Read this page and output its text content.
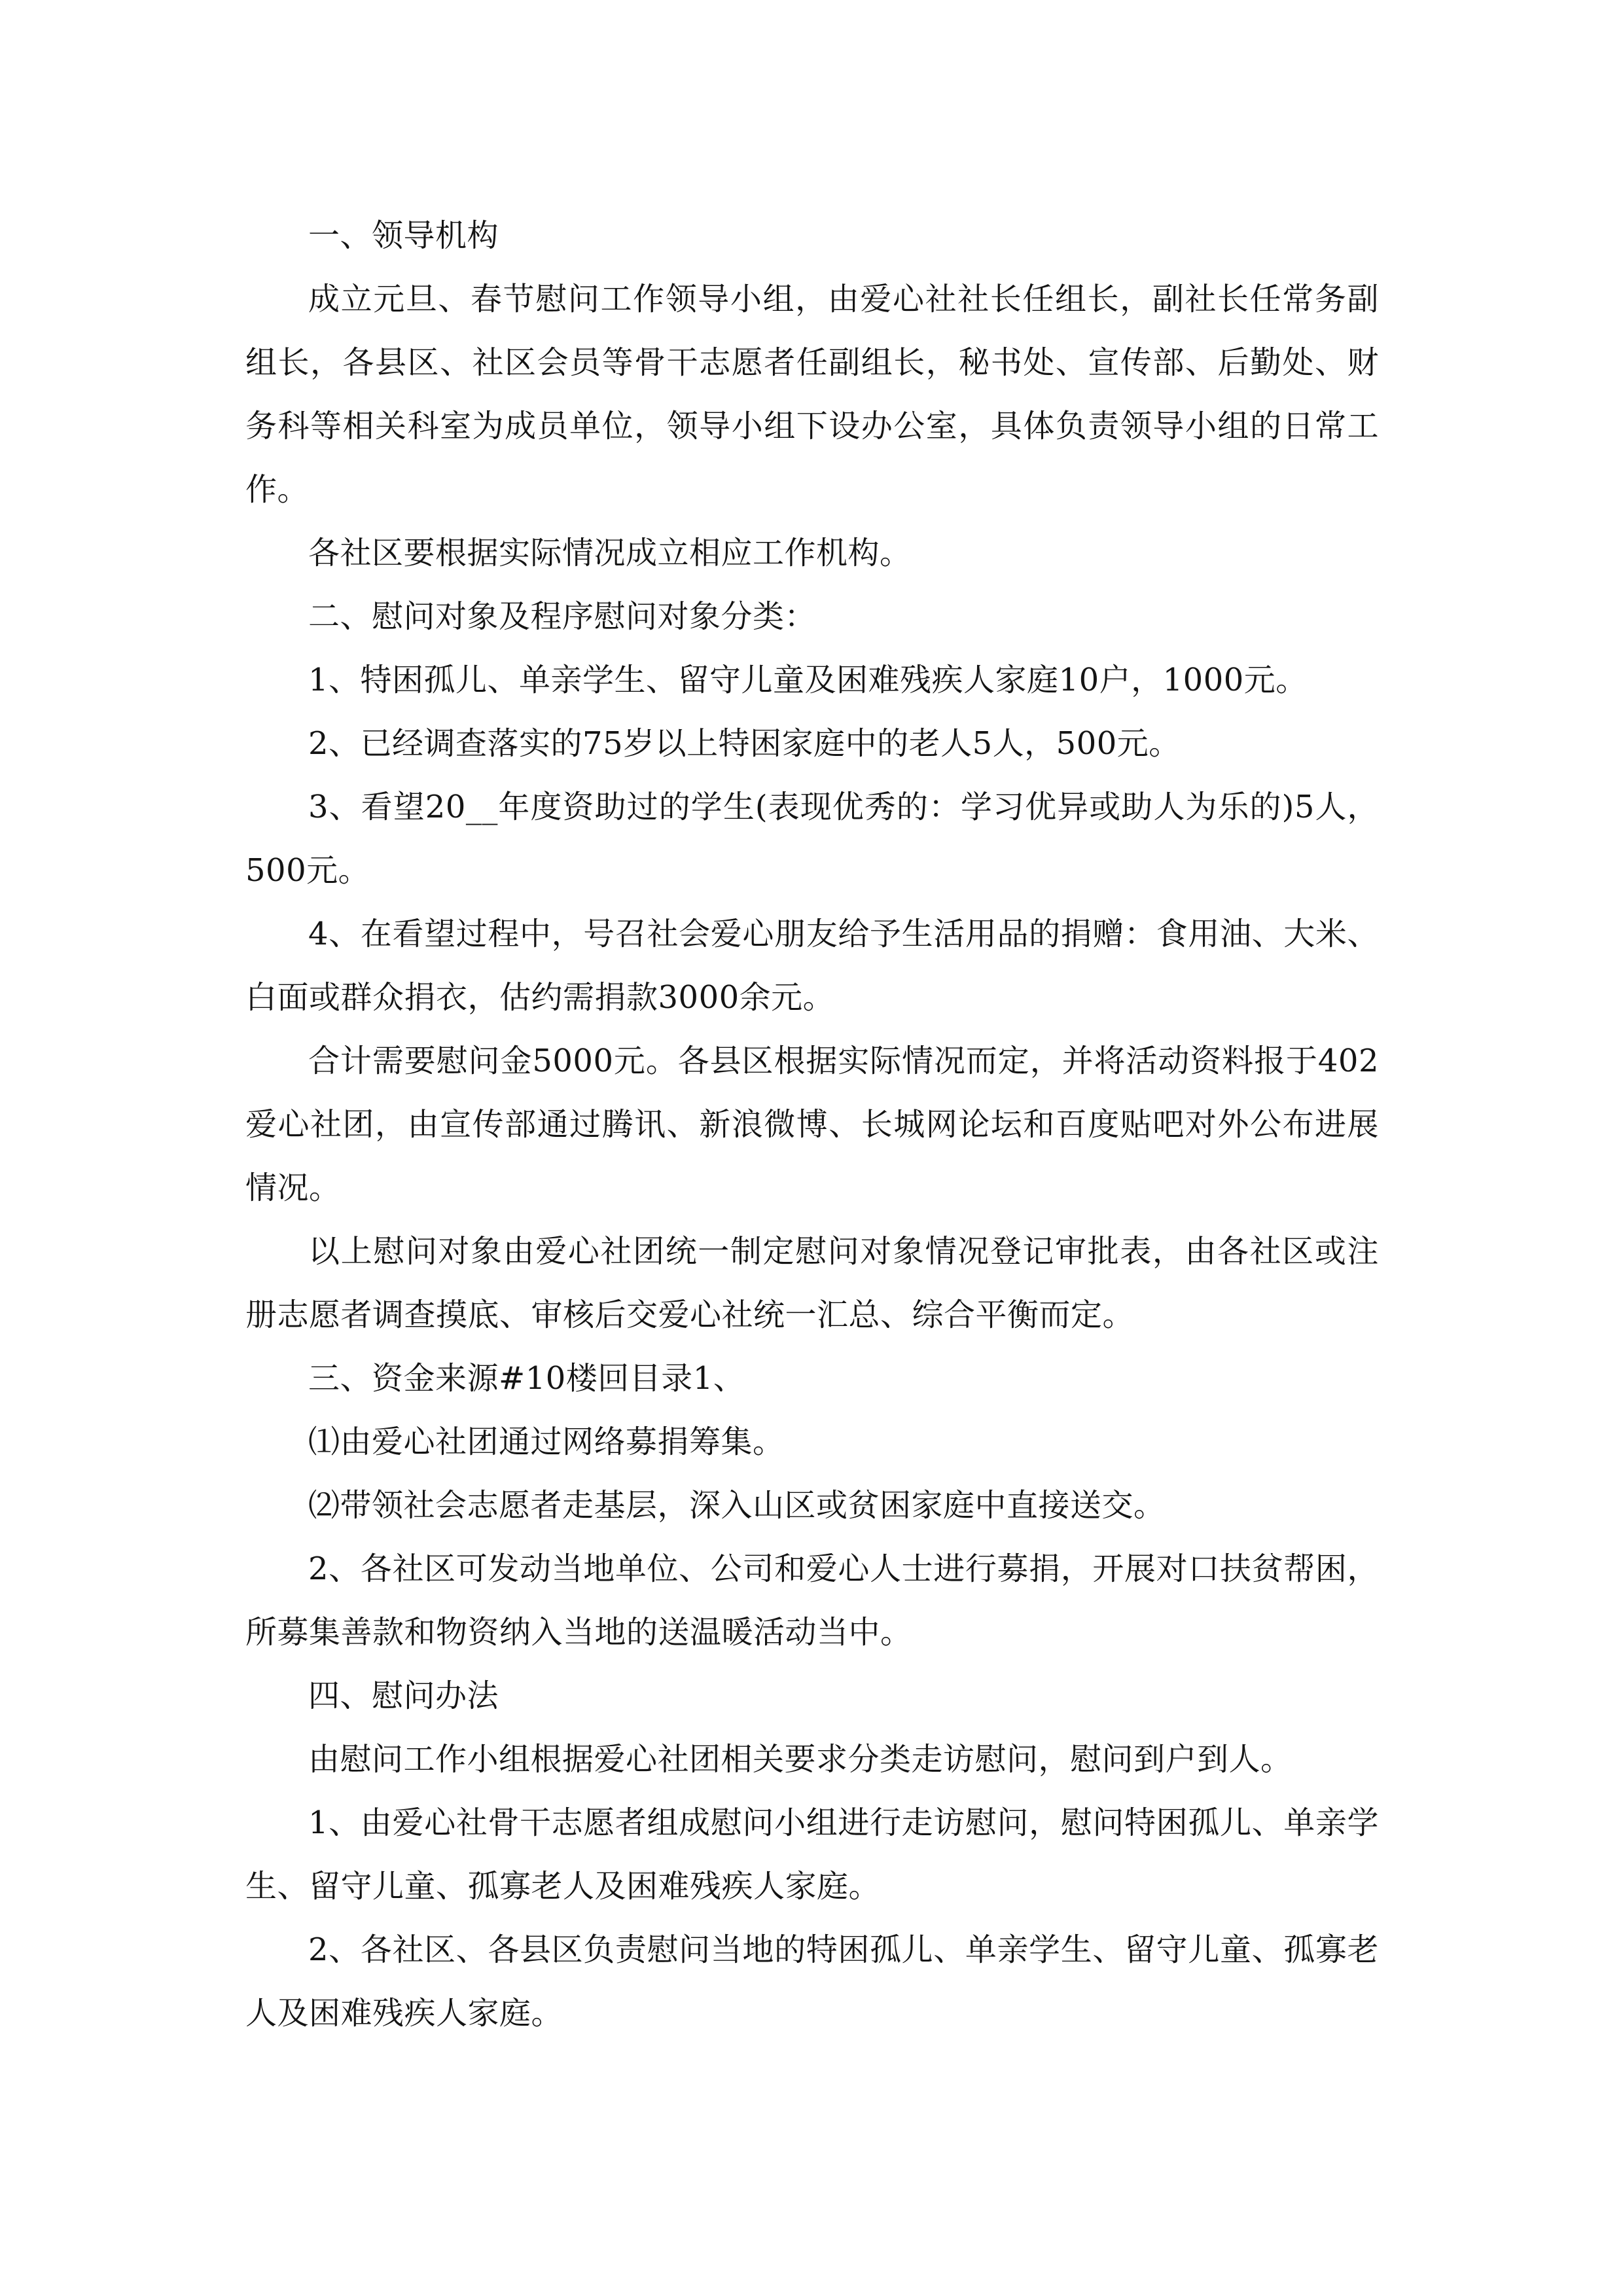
一、领导机构

成立元旦、春节慰问工作领导小组，由爱心社社长任组长，副社长任常务副组长，各县区、社区会员等骨干志愿者任副组长，秘书处、宣传部、后勤处、财务科等相关科室为成员单位，领导小组下设办公室，具体负责领导小组的日常工作。

各社区要根据实际情况成立相应工作机构。

二、慰问对象及程序慰问对象分类：

1、特困孤儿、单亲学生、留守儿童及困难残疾人家庭10户，1000元。

2、已经调查落实的75岁以上特困家庭中的老人5人，500元。

3、看望20__年度资助过的学生(表现优秀的：学习优异或助人为乐的)5人，500元。

4、在看望过程中，号召社会爱心朋友给予生活用品的捐赠：食用油、大米、白面或群众捐衣，估约需捐款3000余元。

合计需要慰问金5000元。各县区根据实际情况而定，并将活动资料报于402爱心社团，由宣传部通过腾讯、新浪微博、长城网论坛和百度贴吧对外公布进展情况。

以上慰问对象由爱心社团统一制定慰问对象情况登记审批表，由各社区或注册志愿者调查摸底、审核后交爱心社统一汇总、综合平衡而定。

三、资金来源#10楼回目录1、

⑴由爱心社团通过网络募捐筹集。

⑵带领社会志愿者走基层，深入山区或贫困家庭中直接送交。

2、各社区可发动当地单位、公司和爱心人士进行募捐，开展对口扶贫帮困，所募集善款和物资纳入当地的送温暖活动当中。

四、慰问办法

由慰问工作小组根据爱心社团相关要求分类走访慰问，慰问到户到人。

1、由爱心社骨干志愿者组成慰问小组进行走访慰问，慰问特困孤儿、单亲学生、留守儿童、孤寡老人及困难残疾人家庭。

2、各社区、各县区负责慰问当地的特困孤儿、单亲学生、留守儿童、孤寡老人及困难残疾人家庭。
